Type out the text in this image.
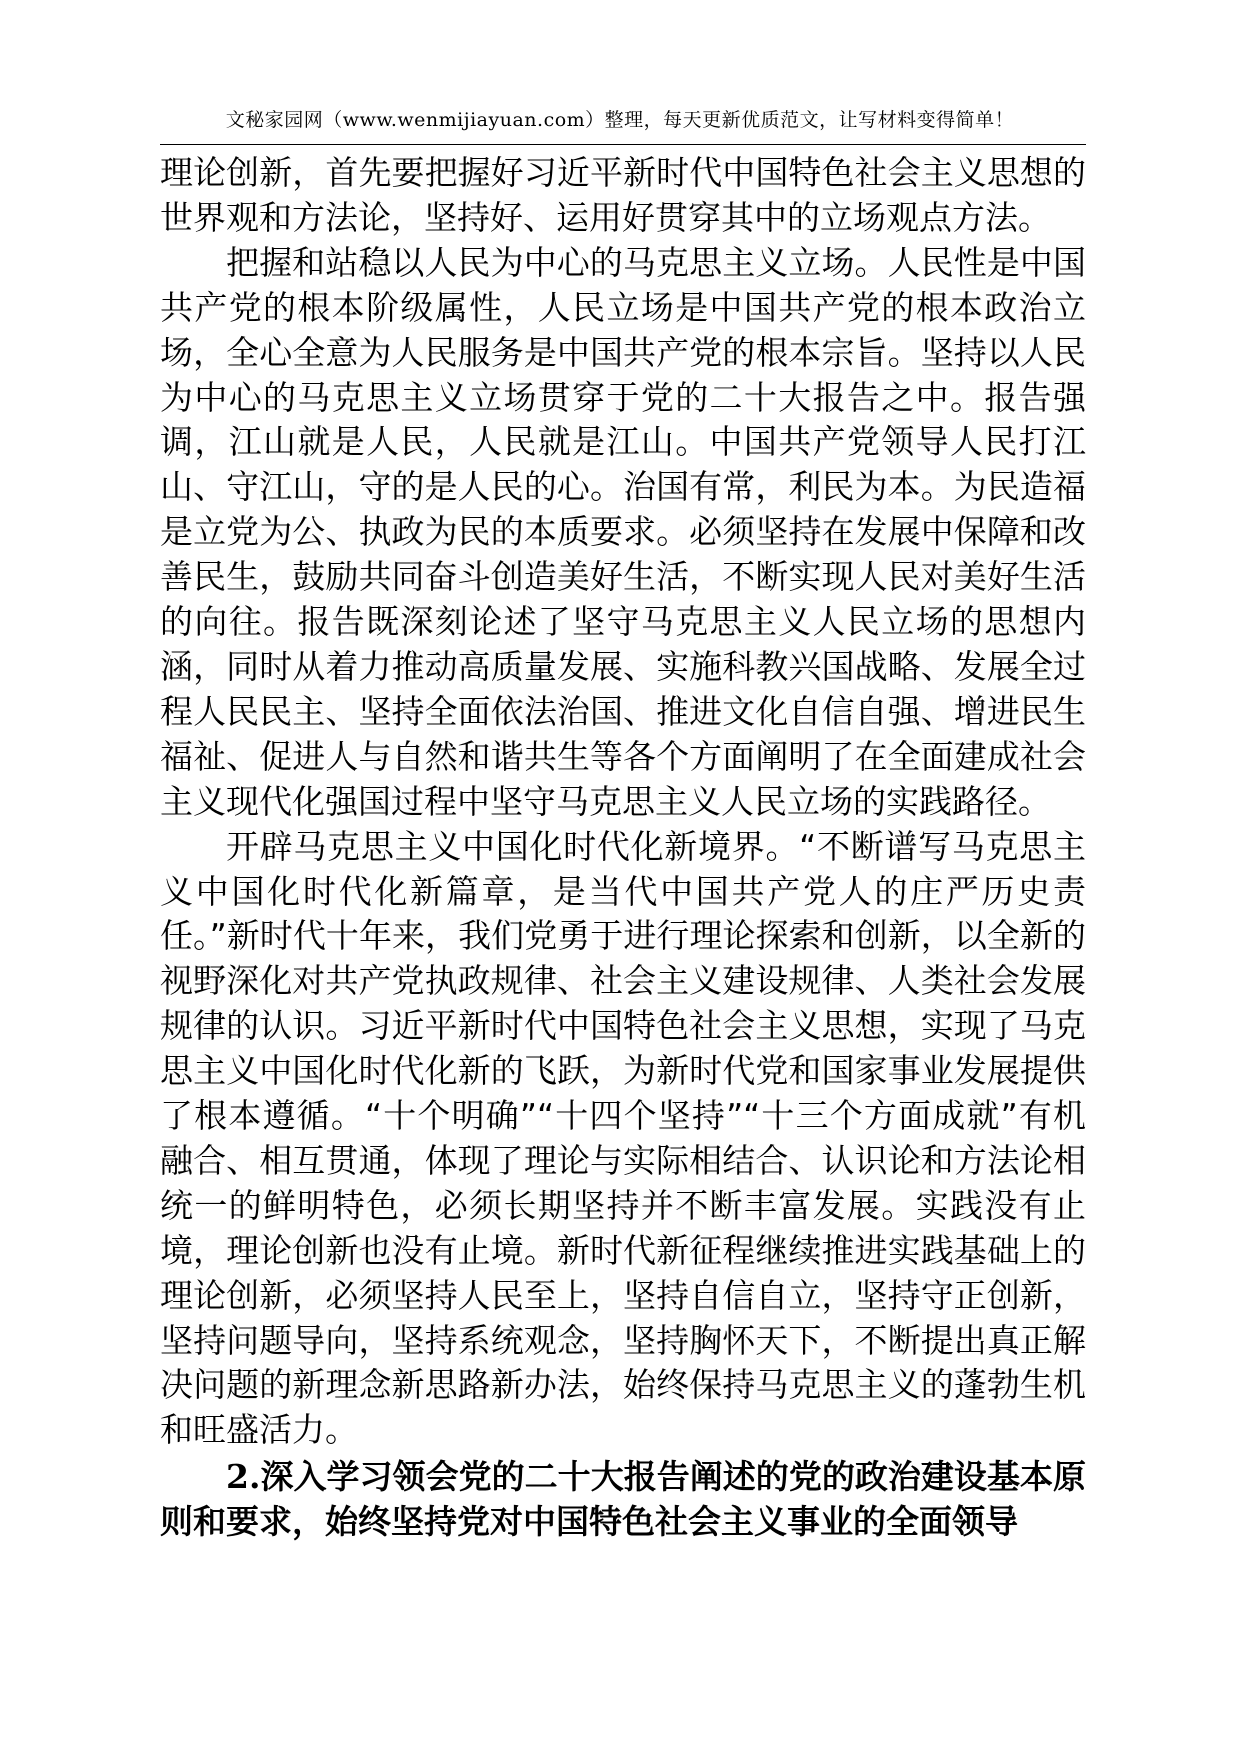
文秘家园网（www.wenmijiayuan.com）整理，每天更新优质范文，让写材料变得简单！

理论创新，首先要把握好习近平新时代中国特色社会主义思想的世界观和方法论，坚持好、运用好贯穿其中的立场观点方法。

把握和站稳以人民为中心的马克思主义立场。人民性是中国共产党的根本阶级属性，人民立场是中国共产党的根本政治立场，全心全意为人民服务是中国共产党的根本宗旨。坚持以人民为中心的马克思主义立场贯穿于党的二十大报告之中。报告强调，江山就是人民，人民就是江山。中国共产党领导人民打江山、守江山，守的是人民的心。治国有常，利民为本。为民造福是立党为公、执政为民的本质要求。必须坚持在发展中保障和改善民生，鼓励共同奋斗创造美好生活，不断实现人民对美好生活的向往。报告既深刻论述了坚守马克思主义人民立场的思想内涵，同时从着力推动高质量发展、实施科教兴国战略、发展全过程人民民主、坚持全面依法治国、推进文化自信自强、增进民生福祉、促进人与自然和谐共生等各个方面阐明了在全面建成社会主义现代化强国过程中坚守马克思主义人民立场的实践路径。

开辟马克思主义中国化时代化新境界。“不断谱写马克思主义中国化时代化新篇章，是当代中国共产党人的庄严历史责任。”新时代十年来，我们党勇于进行理论探索和创新，以全新的视野深化对共产党执政规律、社会主义建设规律、人类社会发展规律的认识。习近平新时代中国特色社会主义思想，实现了马克思主义中国化时代化新的飞跃，为新时代党和国家事业发展提供了根本遵循。“十个明确”“十四个坚持”“十三个方面成就”有机融合、相互贯通，体现了理论与实际相结合、认识论和方法论相统一的鲜明特色，必须长期坚持并不断丰富发展。实践没有止境，理论创新也没有止境。新时代新征程继续推进实践基础上的理论创新，必须坚持人民至上，坚持自信自立，坚持守正创新，坚持问题导向，坚持系统观念，坚持胸怀天下，不断提出真正解决问题的新理念新思路新办法，始终保持马克思主义的蓬勃生机和旺盛活力。

2.深入学习领会党的二十大报告阐述的党的政治建设基本原则和要求，始终坚持党对中国特色社会主义事业的全面领导
